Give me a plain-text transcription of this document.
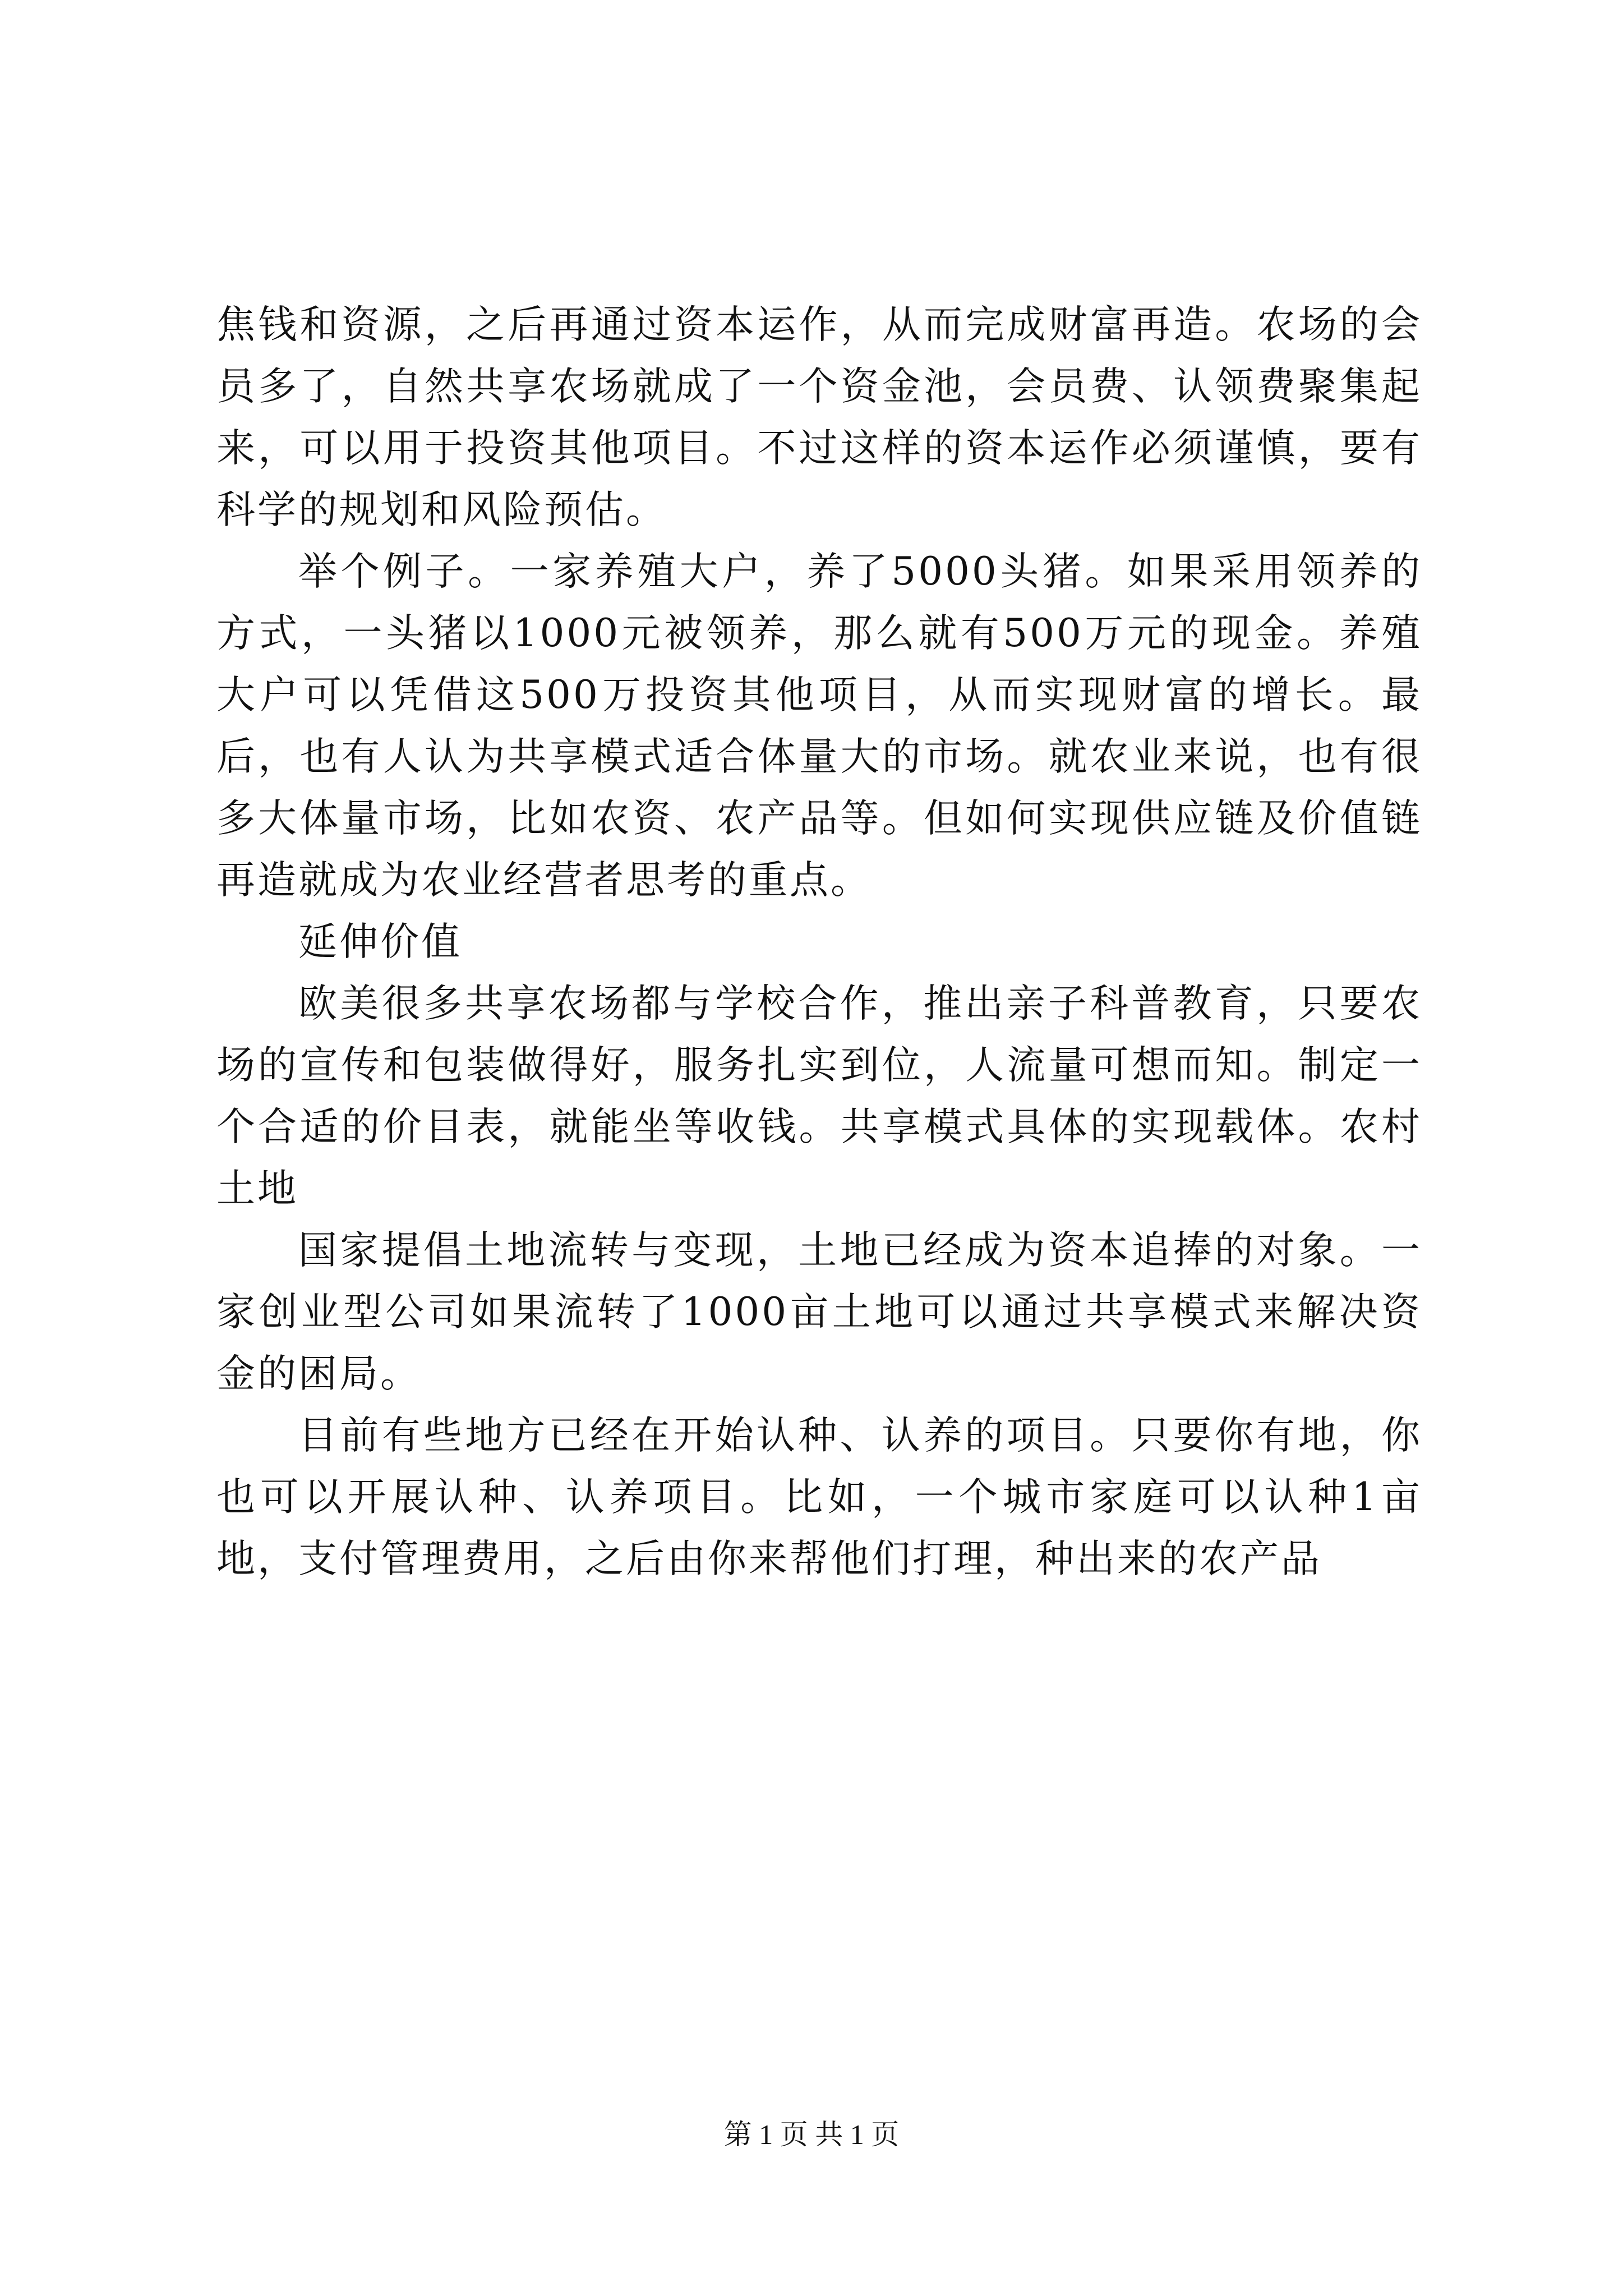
焦钱和资源，之后再通过资本运作，从而完成财富再造。农场的会员多了，自然共享农场就成了一个资金池，会员费、认领费聚集起来，可以用于投资其他项目。不过这样的资本运作必须谨慎，要有科学的规划和风险预估。

举个例子。一家养殖大户，养了5000头猪。如果采用领养的方式，一头猪以1000元被领养，那么就有500万元的现金。养殖大户可以凭借这500万投资其他项目，从而实现财富的增长。最后，也有人认为共享模式适合体量大的市场。就农业来说，也有很多大体量市场，比如农资、农产品等。但如何实现供应链及价值链再造就成为农业经营者思考的重点。

延伸价值

欧美很多共享农场都与学校合作，推出亲子科普教育，只要农场的宣传和包装做得好，服务扎实到位，人流量可想而知。制定一个合适的价目表，就能坐等收钱。共享模式具体的实现载体。农村土地

国家提倡土地流转与变现，土地已经成为资本追捧的对象。一家创业型公司如果流转了1000亩土地可以通过共享模式来解决资金的困局。

目前有些地方已经在开始认种、认养的项目。只要你有地，你也可以开展认种、认养项目。比如，一个城市家庭可以认种1亩地，支付管理费用，之后由你来帮他们打理，种出来的农产品

第 1 页 共 1 页
